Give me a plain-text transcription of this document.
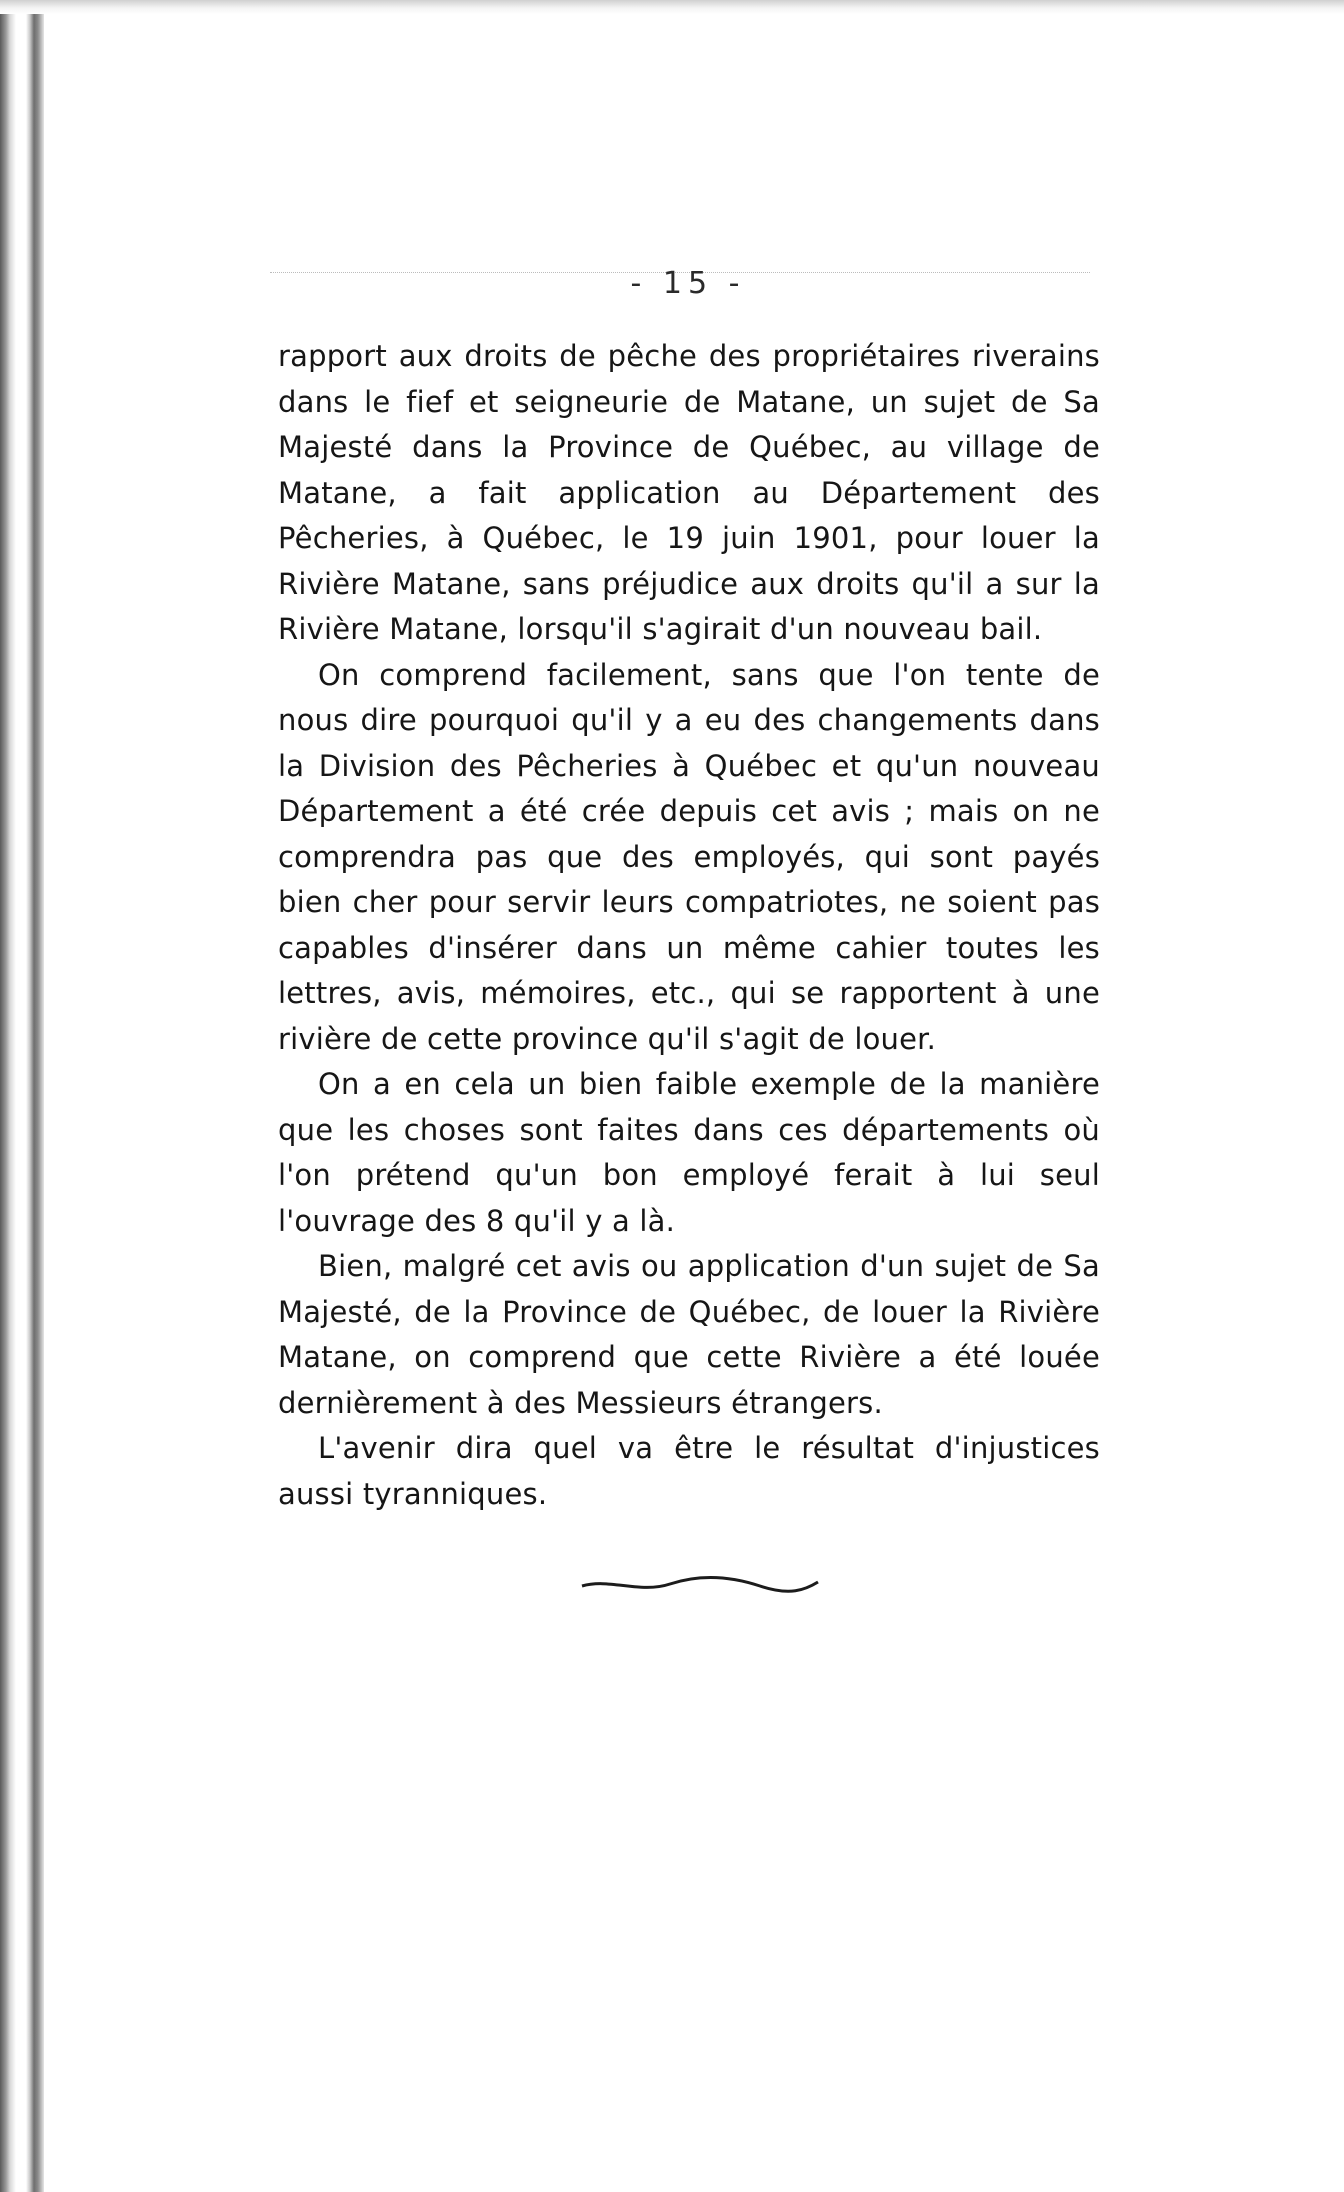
- 15 -

rapport aux droits de pêche des propriétaires riverains dans le fief et seigneurie de Matane, un sujet de Sa Majesté dans la Province de Québec, au village de Matane, a fait application au Département des Pêcheries, à Québec, le 19 juin 1901, pour louer la Rivière Matane, sans préjudice aux droits qu'il a sur la Rivière Matane, lorsqu'il s'agirait d'un nouveau bail.

On comprend facilement, sans que l'on tente de nous dire pourquoi qu'il y a eu des changements dans la Division des Pêcheries à Québec et qu'un nouveau Département a été crée depuis cet avis ; mais on ne comprendra pas que des employés, qui sont payés bien cher pour servir leurs compatriotes, ne soient pas capables d'insérer dans un même cahier toutes les lettres, avis, mémoires, etc., qui se rapportent à une rivière de cette province qu'il s'agit de louer.

On a en cela un bien faible exemple de la manière que les choses sont faites dans ces départements où l'on prétend qu'un bon employé ferait à lui seul l'ouvrage des 8 qu'il y a là.

Bien, malgré cet avis ou application d'un sujet de Sa Majesté, de la Province de Québec, de louer la Rivière Matane, on comprend que cette Rivière a été louée dernièrement à des Messieurs étrangers.

L'avenir dira quel va être le résultat d'injustices aussi tyranniques.
